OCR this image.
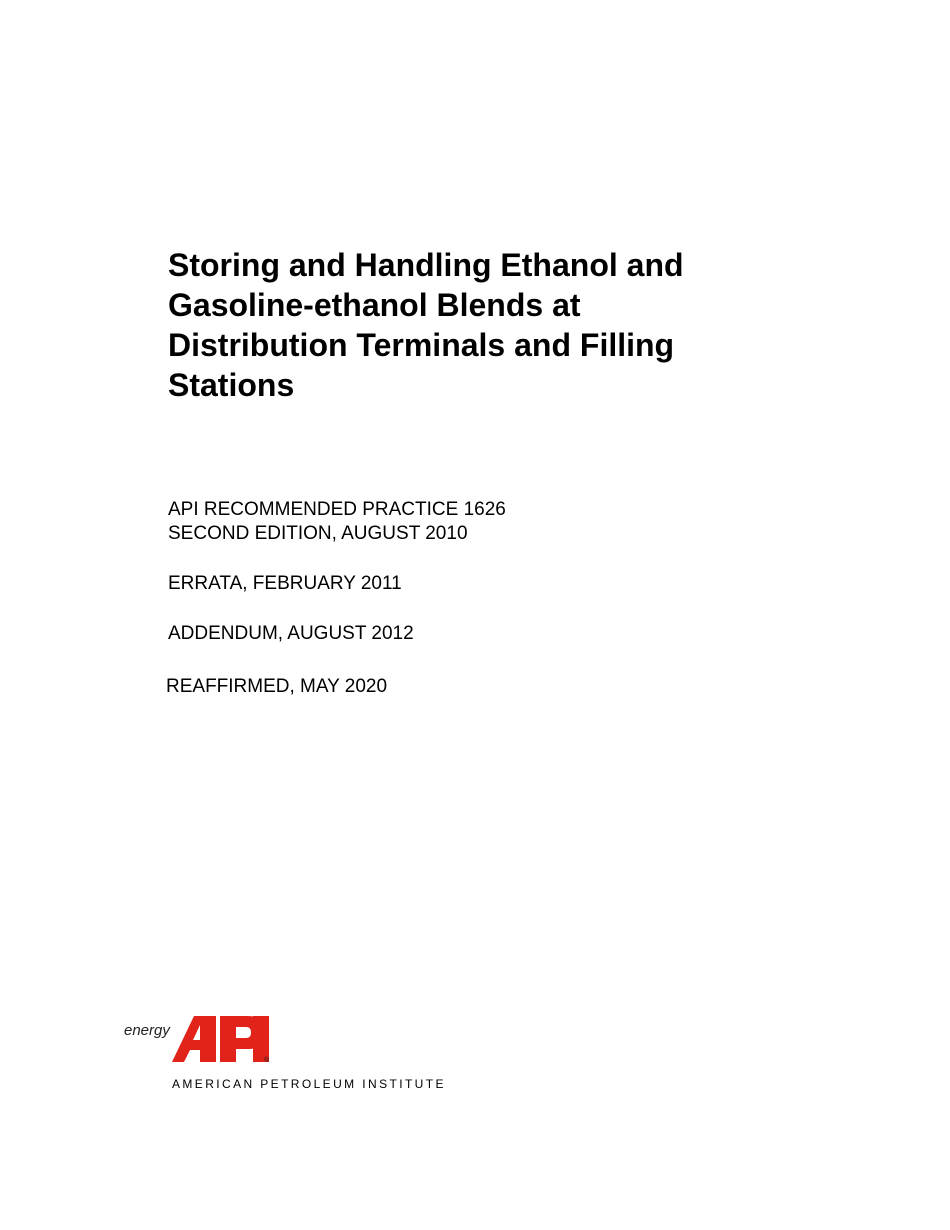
Storing and Handling Ethanol and
Gasoline-ethanol Blends at
Distribution Terminals and Filling
Stations

API RECOMMENDED PRACTICE 1626

SECOND EDITION, AUGUST 2010

ERRATA, FEBRUARY 2011

ADDENDUM, AUGUST 2012

REAFFIRMED, MAY 2020

energy
®
AMERICAN PETROLEUM INSTITUTE
